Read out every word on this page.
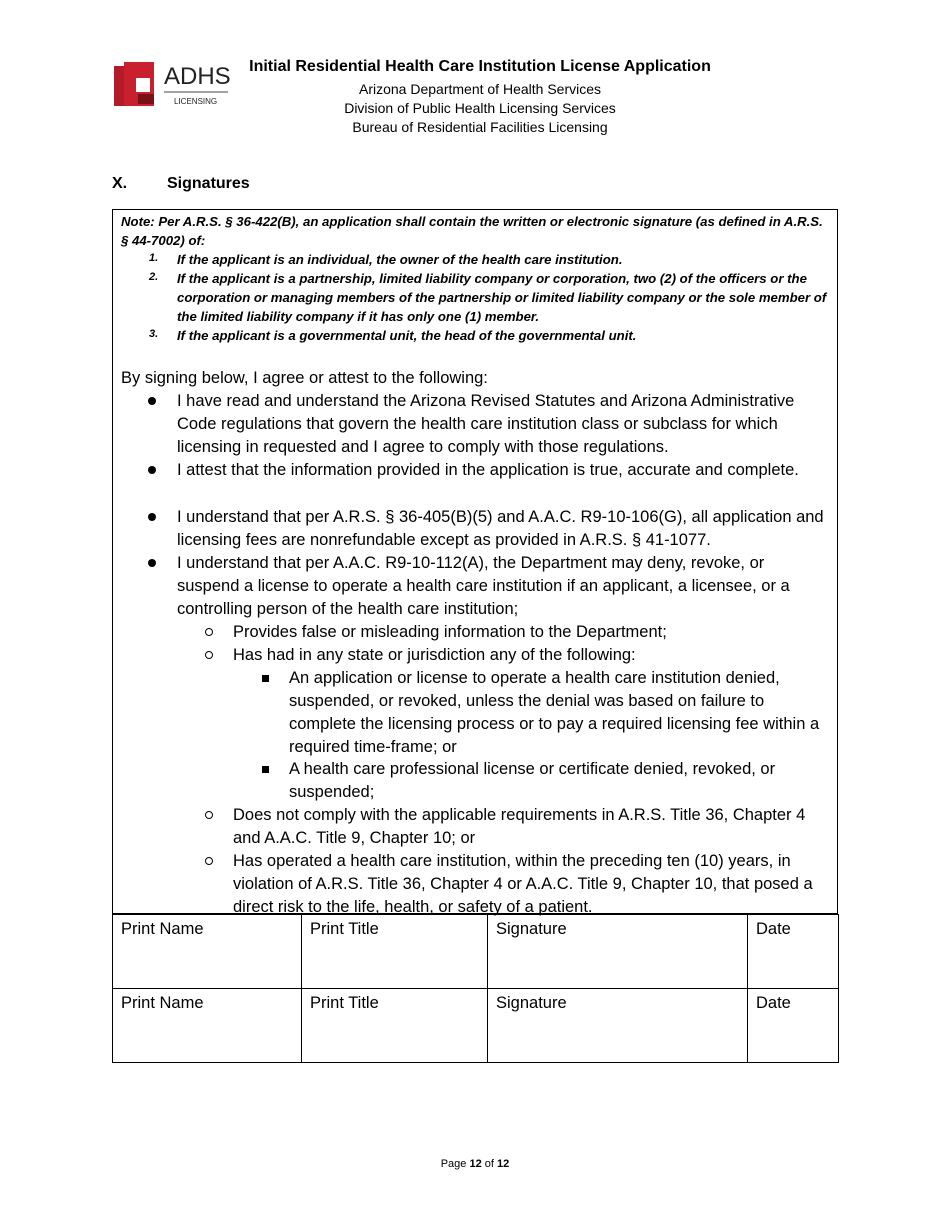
ADHS
LICENSING
Initial Residential Health Care Institution License Application
Arizona Department of Health Services
Division of Public Health Licensing Services
Bureau of Residential Facilities Licensing
X. Signatures
Note: Per A.R.S. § 36-422(B), an application shall contain the written or electronic signature (as defined in A.R.S. § 44-7002) of:
1. If the applicant is an individual, the owner of the health care institution.
2. If the applicant is a partnership, limited liability company or corporation, two (2) of the officers or the corporation or managing members of the partnership or limited liability company or the sole member of the limited liability company if it has only one (1) member.
3. If the applicant is a governmental unit, the head of the governmental unit.
By signing below, I agree or attest to the following:
I have read and understand the Arizona Revised Statutes and Arizona Administrative Code regulations that govern the health care institution class or subclass for which licensing in requested and I agree to comply with those regulations.
I attest that the information provided in the application is true, accurate and complete.
I understand that per A.R.S. § 36-405(B)(5) and A.A.C. R9-10-106(G), all application and licensing fees are nonrefundable except as provided in A.R.S. § 41-1077.
I understand that per A.A.C. R9-10-112(A), the Department may deny, revoke, or suspend a license to operate a health care institution if an applicant, a licensee, or a controlling person of the health care institution;
Provides false or misleading information to the Department;
Has had in any state or jurisdiction any of the following:
An application or license to operate a health care institution denied, suspended, or revoked, unless the denial was based on failure to complete the licensing process or to pay a required licensing fee within a required time-frame; or
A health care professional license or certificate denied, revoked, or suspended;
Does not comply with the applicable requirements in A.R.S. Title 36, Chapter 4 and A.A.C. Title 9, Chapter 10; or
Has operated a health care institution, within the preceding ten (10) years, in violation of A.R.S. Title 36, Chapter 4 or A.A.C. Title 9, Chapter 10, that posed a direct risk to the life, health, or safety of a patient.
Print Name	Print Title	Signature	Date
Print Name	Print Title	Signature	Date
Page 12 of 12
